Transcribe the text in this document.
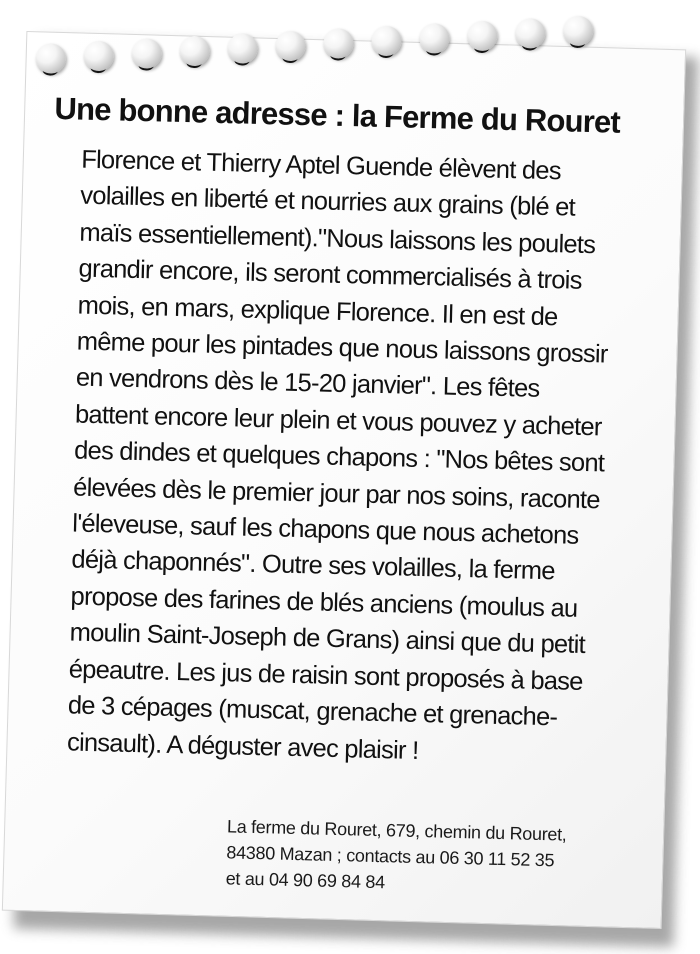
Une bonne adresse : la Ferme du Rouret

Florence et Thierry Aptel Guende élèvent des
volailles en liberté et nourries aux grains (blé et
maïs essentiellement)."Nous laissons les poulets
grandir encore, ils seront commercialisés à trois
mois, en mars, explique Florence. Il en est de
même pour les pintades que nous laissons grossir
en vendrons dès le 15-20 janvier". Les fêtes
battent encore leur plein et vous pouvez y acheter
des dindes et quelques chapons : "Nos bêtes sont
élevées dès le premier jour par nos soins, raconte
l'éleveuse, sauf les chapons que nous achetons
déjà chaponnés". Outre ses volailles, la ferme
propose des farines de blés anciens (moulus au
moulin Saint-Joseph de Grans) ainsi que du petit
épeautre. Les jus de raisin sont proposés à base
de 3 cépages (muscat, grenache et grenache-
cinsault). A déguster avec plaisir !

La ferme du Rouret, 679, chemin du Rouret,
84380 Mazan ; contacts au 06 30 11 52 35
et au 04 90 69 84 84
